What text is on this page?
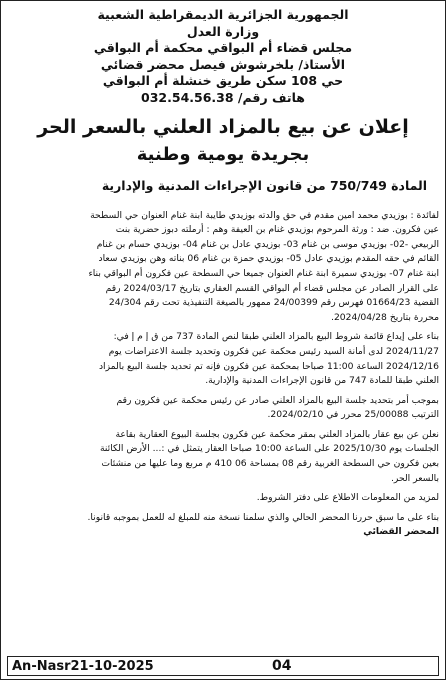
الجمهورية الجزائرية الديمقراطية الشعبية
وزارة العدل
مجلس قضاء أم البواقي محكمة أم البواقي
الأستاذ/ بلخرشوش فيصل محضر قضائي
حي 108 سكن طريق خنشلة أم البواقي
هاتف رقم/ 032.54.56.38
إعلان عن بيع بالمزاد العلني بالسعر الحر
بجريدة يومية وطنية
المادة 750/749 من قانون الإجراءات المدنية والإدارية

لفائدة : بوزيدي محمد امين مقدم في حق والدته بوزيدي طايبة ابنة غنام العنوان حي السطحة
عين فكرون. ضد : ورثة المرحوم بوزيدي غنام بن العيفة وهم : أرملته دبوز حضرية بنت
الربيعي -02- بوزيدي موسى بن غنام 03- بوزيدي عادل بن غنام 04- بوزيدي حسام بن غنام
القائم في حقه المقدم بوزيدي عادل 05- بوزيدي حمزة بن غنام 06 بناته وهن بوزيدي سعاد
ابنة غنام 07- بوزيدي سميرة ابنة غنام العنوان جميعا حي السطحة عين فكرون أم البواقي بناء
على القرار الصادر عن مجلس قضاء أم البواقي القسم العقاري بتاريخ 2024/03/17 رقم
القضية 01664/23 فهرس رقم 24/00399 ممهور بالصيغة التنفيذية تحت رقم 24/304
محررة بتاريخ 2024/04/28.

بناء على إيداع قائمة شروط البيع بالمزاد العلني طبقا لنص المادة 737 من ق إ م إ في:
2024/11/27 لدى أمانة السيد رئيس محكمة عين فكرون وتحديد جلسة الاعتراضات يوم
2024/12/16 الساعة 11:00 صباحا بمحكمة عين فكرون فإنه تم تحديد جلسة البيع بالمزاد
العلني طبقا للمادة 747 من قانون الإجراءات المدنية والإدارية.

بموجب أمر بتحديد جلسة البيع بالمزاد العلني صادر عن رئيس محكمة عين فكرون رقم
الترتيب 25/00088 محرر في 2024/02/10.

نعلن عن بيع عقار بالمزاد العلني بمقر محكمة عين فكرون بجلسة البيوع العقارية بقاعة
الجلسات يوم 2025/10/30 على الساعة 10:00 صباحا العقار يتمثل في :... الأرض الكائنة
بعين فكرون حي السطحة الغربية رقم 08 بمساحة 06 410 م مربع وما عليها من منشئات
بالسعر الحر.

لمزيد من المعلومات الاطلاع على دفتر الشروط.

بناء على ما سبق حررنا المحضر الحالي والذي سلمنا نسخة منه للمبلغ له للعمل بموجبه قانونا.
المحضر القضائي

An-Nasr21-10-2025	04
